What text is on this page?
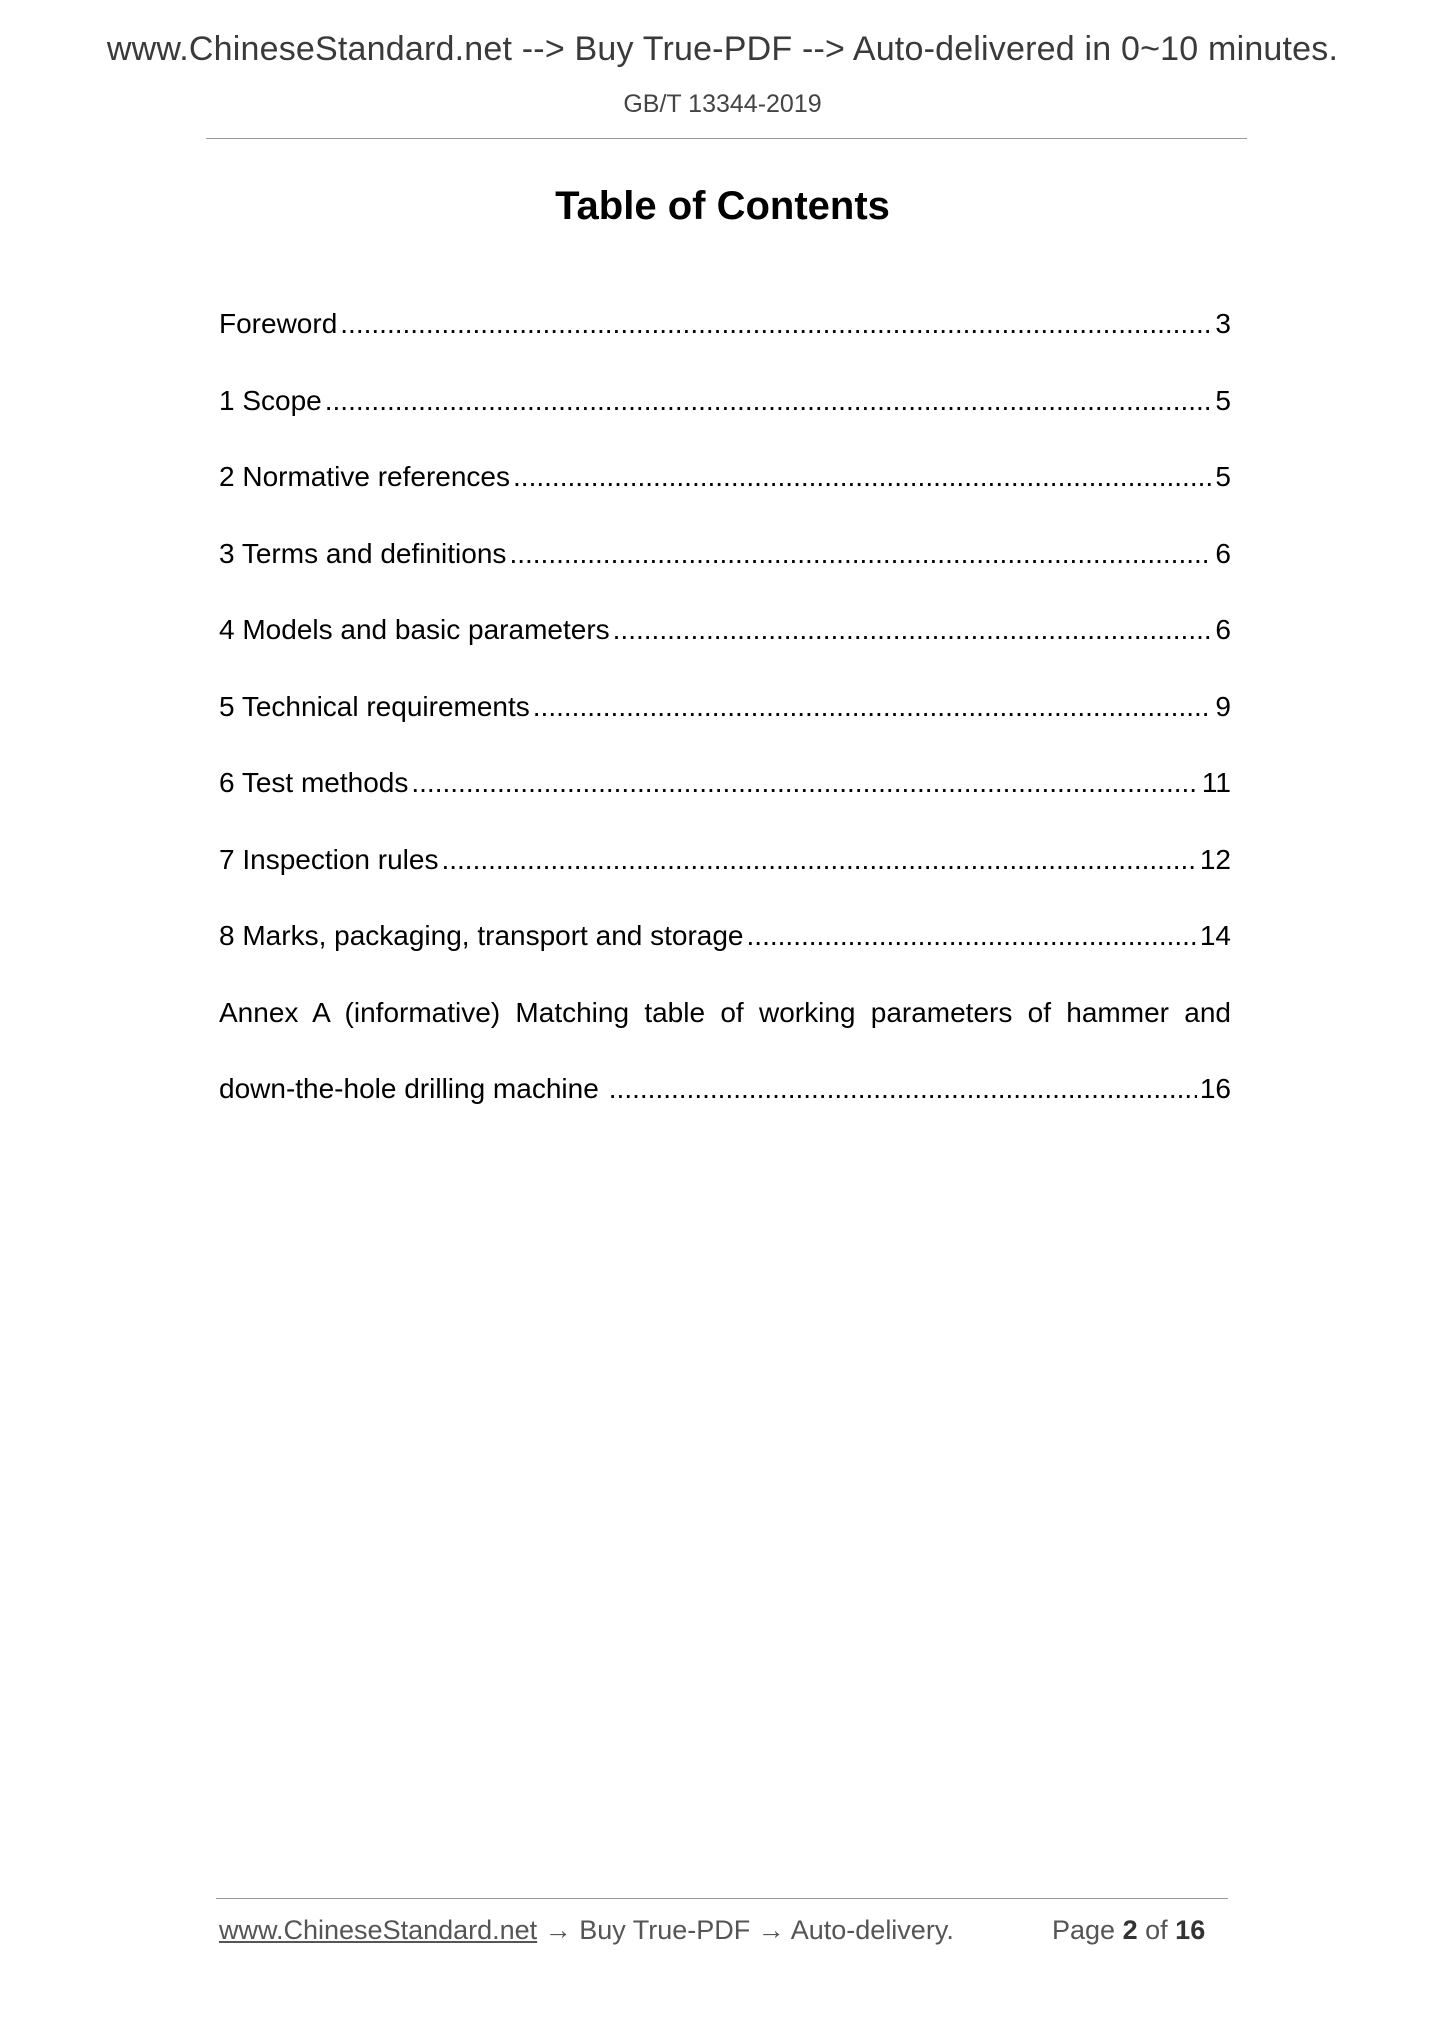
www.ChineseStandard.net --> Buy True-PDF --> Auto-delivered in 0~10 minutes.
GB/T 13344-2019
Table of Contents
Foreword .....	3
1 Scope .....	5
2 Normative references .....	5
3 Terms and definitions .....	6
4 Models and basic parameters .....	6
5 Technical requirements .....	9
6 Test methods .....	11
7 Inspection rules .....	12
8 Marks, packaging, transport and storage .....	14
Annex A (informative) Matching table of working parameters of hammer and
down-the-hole drilling machine .....	16
www.ChineseStandard.net → Buy True-PDF → Auto-delivery.	Page 2 of 16
